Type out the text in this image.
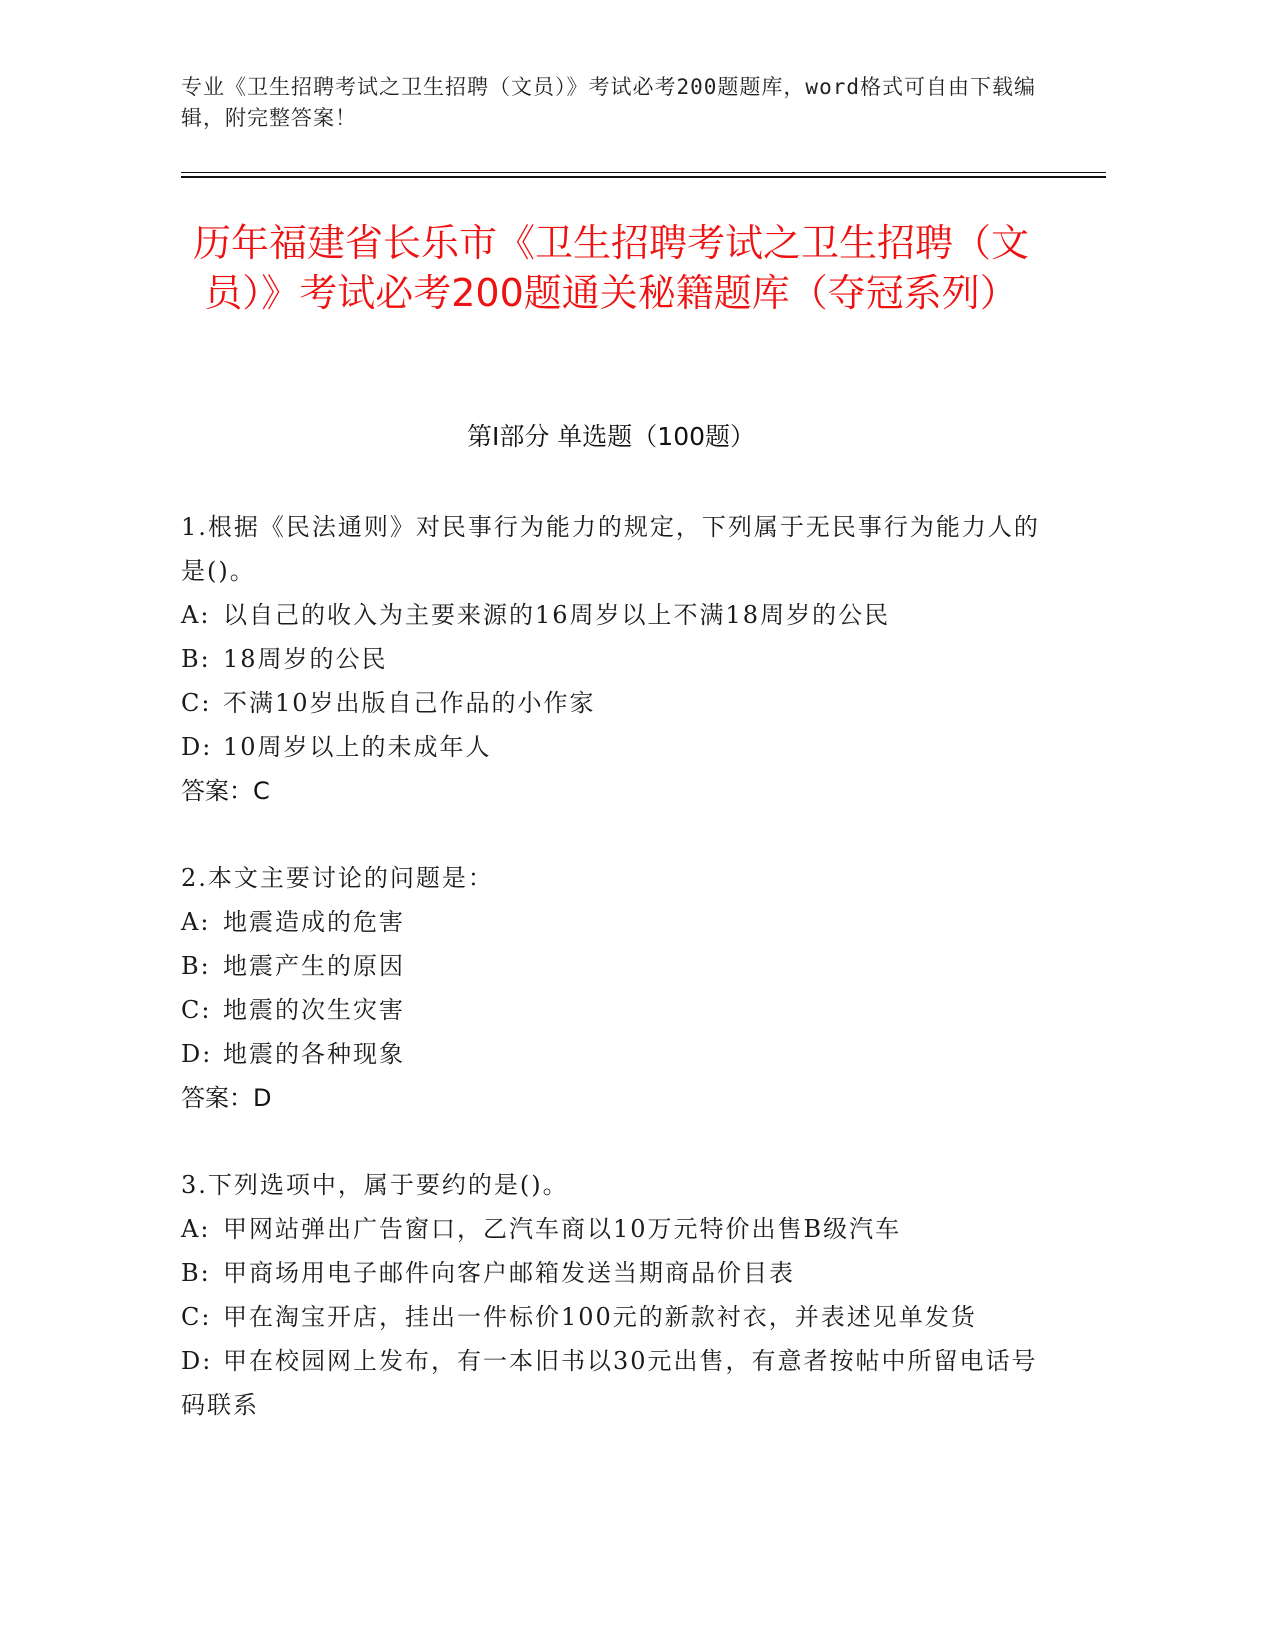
专业《卫生招聘考试之卫生招聘（文员）》考试必考200题题库，word格式可自由下载编辑，附完整答案！
历年福建省长乐市《卫生招聘考试之卫生招聘（文员）》考试必考200题通关秘籍题库（夺冠系列）
第Ⅰ部分 单选题（100题）
1.根据《民法通则》对民事行为能力的规定，下列属于无民事行为能力人的是()。
A: 以自己的收入为主要来源的16周岁以上不满18周岁的公民
B: 18周岁的公民
C: 不满10岁出版自己作品的小作家
D: 10周岁以上的未成年人
答案：C
2.本文主要讨论的问题是：
A: 地震造成的危害
B: 地震产生的原因
C: 地震的次生灾害
D: 地震的各种现象
答案：D
3.下列选项中，属于要约的是()。
A: 甲网站弹出广告窗口，乙汽车商以10万元特价出售B级汽车
B: 甲商场用电子邮件向客户邮箱发送当期商品价目表
C: 甲在淘宝开店，挂出一件标价100元的新款衬衣，并表述见单发货
D: 甲在校园网上发布，有一本旧书以30元出售，有意者按帖中所留电话号码联系
